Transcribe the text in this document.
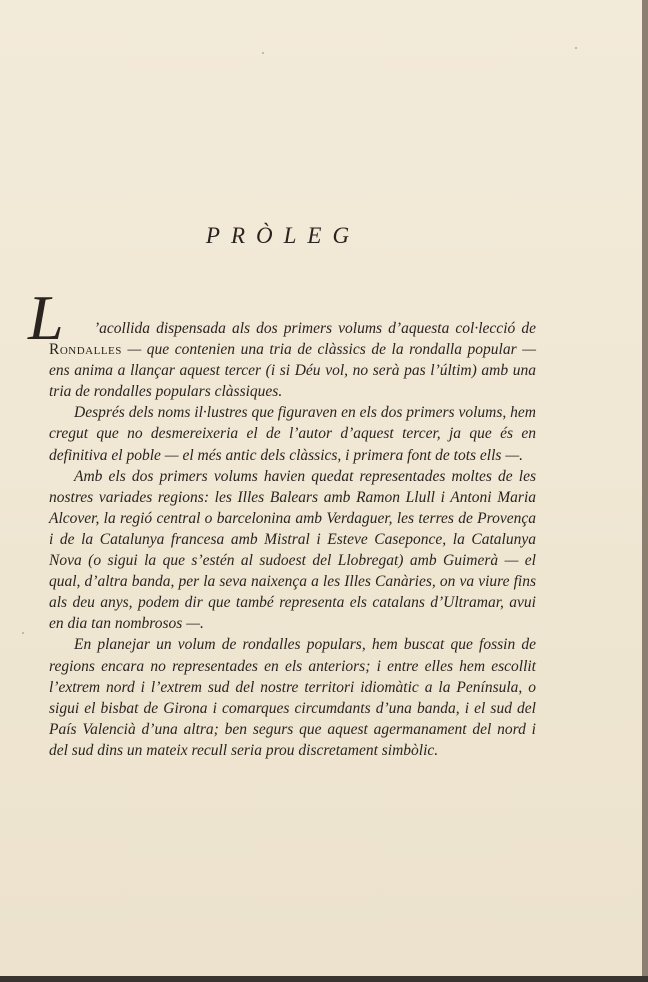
PRÒLEG
L	’acollida dispensada als dos primers volums d’aquesta col·lecció de Rondalles — que contenien una tria de clàssics de la rondalla popular — ens anima a llançar aquest tercer (i si Déu vol, no serà pas l’últim) amb una tria de rondalles populars clàssiques.

Després dels noms il·lustres que figuraven en els dos primers volums, hem cregut que no desmereixeria el de l’autor d’aquest tercer, ja que és en definitiva el poble — el més antic dels clàssics, i primera font de tots ells —.

Amb els dos primers volums havien quedat representades moltes de les nostres variades regions: les Illes Balears amb Ramon Llull i Antoni Maria Alcover, la regió central o barcelonina amb Verdaguer, les terres de Provença i de la Catalunya francesa amb Mistral i Esteve Caseponce, la Catalunya Nova (o sigui la que s’estén al sudoest del Llobregat) amb Guimerà — el qual, d’altra banda, per la seva naixença a les Illes Canàries, on va viure fins als deu anys, podem dir que també representa els catalans d’Ultramar, avui en dia tan nombrosos —.

En planejar un volum de rondalles populars, hem buscat que fossin de regions encara no representades en els anteriors; i entre elles hem escollit l’extrem nord i l’extrem sud del nostre territori idiomàtic a la Península, o sigui el bisbat de Girona i comarques circumdants d’una banda, i el sud del País Valencià d’una altra; ben segurs que aquest agermanament del nord i del sud dins un mateix recull seria prou discretament simbòlic.
